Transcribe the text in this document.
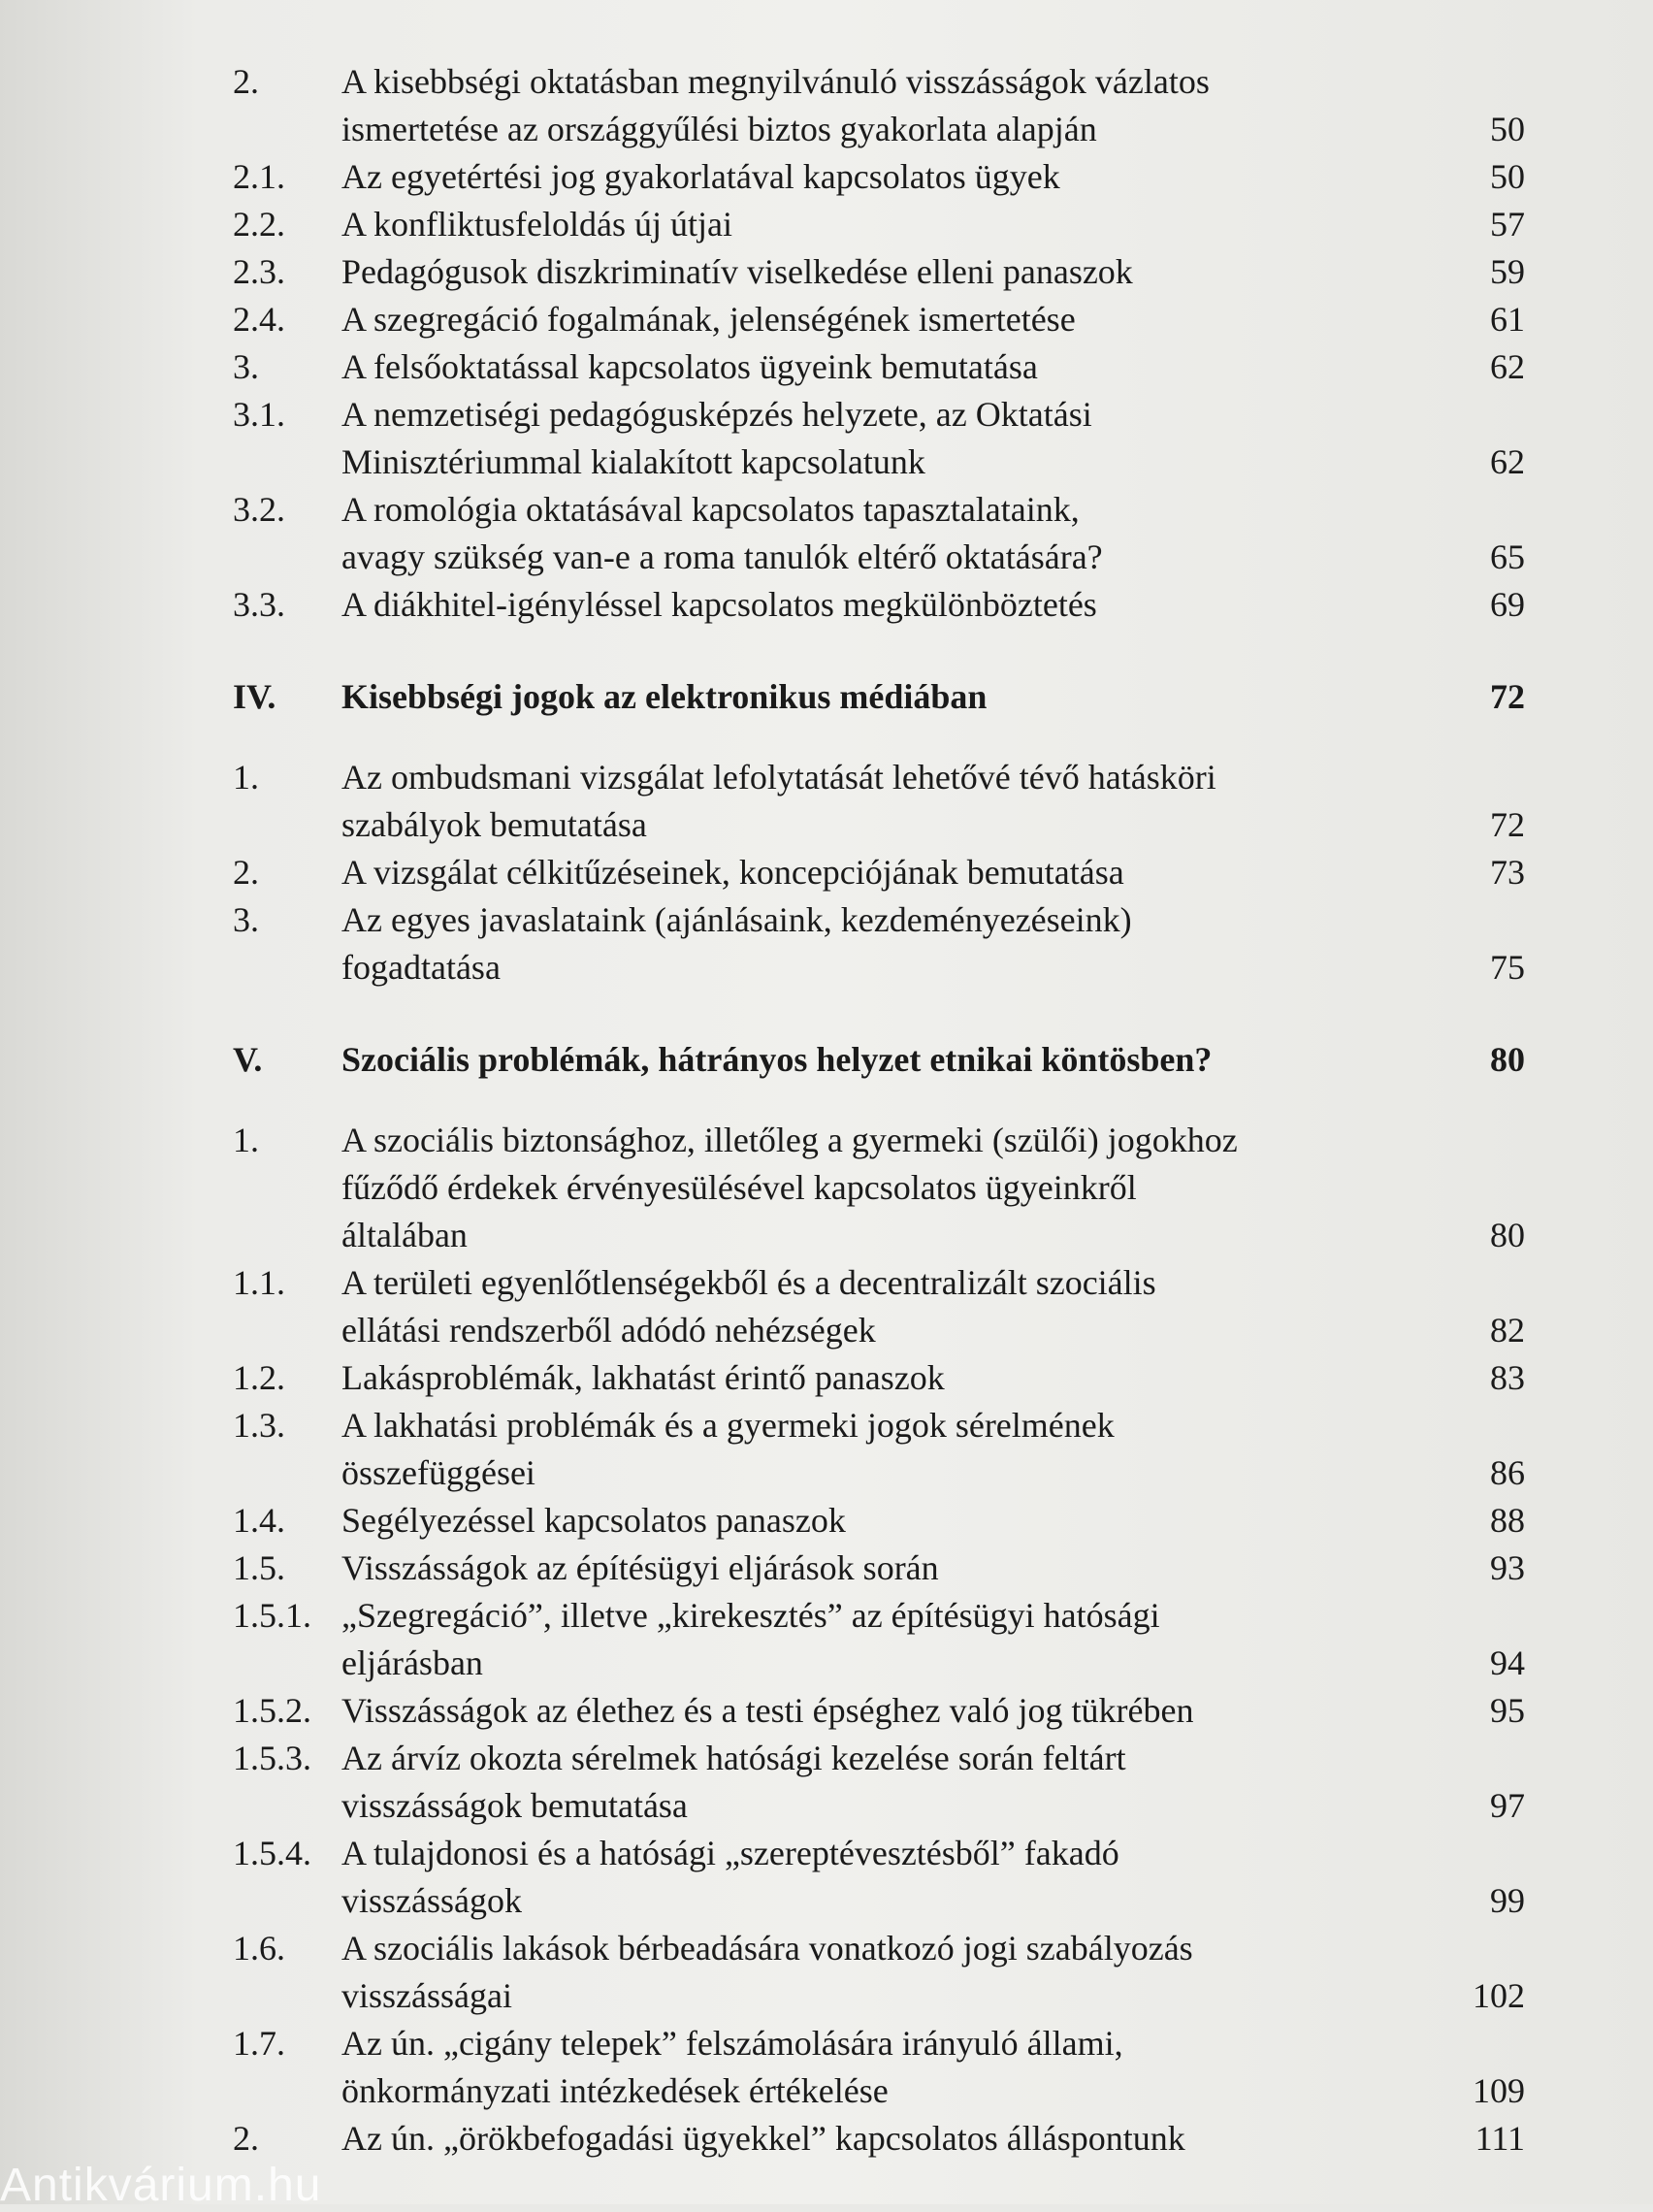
2.	A kisebbségi oktatásban megnyilvánuló visszásságok vázlatos
ismertetése az országgyűlési biztos gyakorlata alapján	50
2.1.	Az egyetértési jog gyakorlatával kapcsolatos ügyek	50
2.2.	A konfliktusfeloldás új útjai	57
2.3.	Pedagógusok diszkriminatív viselkedése elleni panaszok	59
2.4.	A szegregáció fogalmának, jelenségének ismertetése	61
3.	A felsőoktatással kapcsolatos ügyeink bemutatása	62
3.1.	A nemzetiségi pedagógusképzés helyzete, az Oktatási
Minisztériummal kialakított kapcsolatunk	62
3.2.	A romológia oktatásával kapcsolatos tapasztalataink,
avagy szükség van-e a roma tanulók eltérő oktatására?	65
3.3.	A diákhitel-igényléssel kapcsolatos megkülönböztetés	69
IV.	Kisebbségi jogok az elektronikus médiában	72
1.	Az ombudsmani vizsgálat lefolytatását lehetővé tévő hatásköri
szabályok bemutatása	72
2.	A vizsgálat célkitűzéseinek, koncepciójának bemutatása	73
3.	Az egyes javaslataink (ajánlásaink, kezdeményezéseink)
fogadtatása	75
V.	Szociális problémák, hátrányos helyzet etnikai köntösben?	80
1.	A szociális biztonsághoz, illetőleg a gyermeki (szülői) jogokhoz
fűződő érdekek érvényesülésével kapcsolatos ügyeinkről
általában	80
1.1.	A területi egyenlőtlenségekből és a decentralizált szociális
ellátási rendszerből adódó nehézségek	82
1.2.	Lakásproblémák, lakhatást érintő panaszok	83
1.3.	A lakhatási problémák és a gyermeki jogok sérelmének
összefüggései	86
1.4.	Segélyezéssel kapcsolatos panaszok	88
1.5.	Visszásságok az építésügyi eljárások során	93
1.5.1. „Szegregáció”, illetve „kirekesztés” az építésügyi hatósági
eljárásban	94
1.5.2. Visszásságok az élethez és a testi épséghez való jog tükrében	95
1.5.3. Az árvíz okozta sérelmek hatósági kezelése során feltárt
visszásságok bemutatása	97
1.5.4. A tulajdonosi és a hatósági „szereptévesztésből” fakadó
visszásságok	99
1.6.	A szociális lakások bérbeadására vonatkozó jogi szabályozás
visszásságai	102
1.7.	Az ún. „cigány telepek” felszámolására irányuló állami,
önkormányzati intézkedések értékelése	109
2.	Az ún. „örökbefogadási ügyekkel” kapcsolatos álláspontunk	111
Antikvárium.hu
